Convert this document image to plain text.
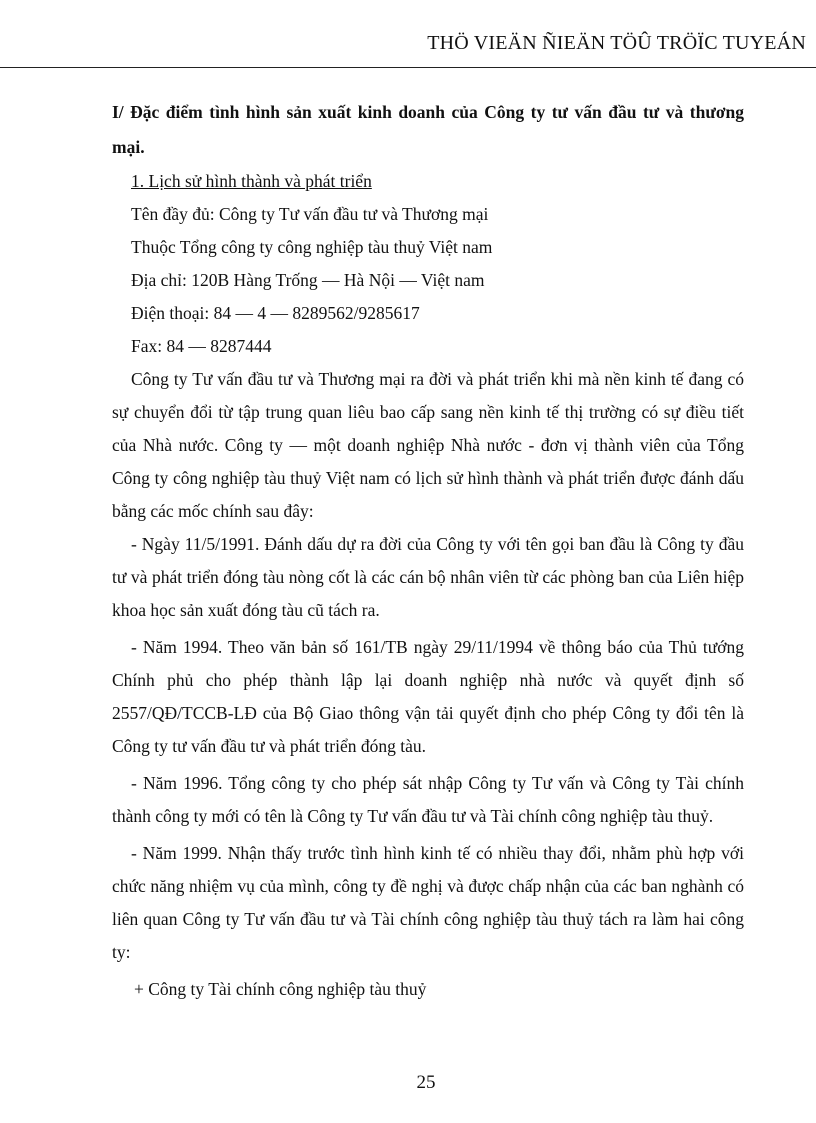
THÖ VIEÄN ÑIEÄN TÖÛ TRÖÏC TUYEÁN

I/ Đặc điểm tình hình sản xuất kinh doanh của Công ty tư vấn đầu tư và thương mại.

1. Lịch sử hình thành và phát triển

Tên đầy đủ: Công ty Tư vấn đầu tư và Thương mại

Thuộc Tổng công ty công nghiệp tàu thuỷ Việt nam

Địa chỉ: 120B Hàng Trống — Hà Nội — Việt nam

Điện thoại: 84 — 4 — 8289562/9285617

Fax: 84 — 8287444

Công ty Tư vấn đầu tư và Thương mại ra đời và phát triển khi mà nền kinh tế đang có sự chuyển đổi từ tập trung quan liêu bao cấp sang nền kinh tế thị trường có sự điều tiết của Nhà nước. Công ty — một doanh nghiệp Nhà nước - đơn vị thành viên của Tổng Công ty công nghiệp tàu thuỷ Việt nam có lịch sử hình thành và phát triển được đánh dấu bằng các mốc chính sau đây:

- Ngày 11/5/1991. Đánh dấu dự ra đời của Công ty với tên gọi ban đầu là Công ty đầu tư và phát triển đóng tàu nòng cốt là các cán bộ nhân viên từ các phòng ban của Liên hiệp khoa học sản xuất đóng tàu cũ tách ra.

- Năm 1994. Theo văn bản số 161/TB ngày 29/11/1994 về thông báo của Thủ tướng Chính phủ cho phép thành lập lại doanh nghiệp nhà nước và quyết định số 2557/QĐ/TCCB-LĐ của Bộ Giao thông vận tải quyết định cho phép Công ty đổi tên là Công ty tư vấn đầu tư và phát triển đóng tàu.

- Năm 1996. Tổng công ty cho phép sát nhập Công ty Tư vấn và Công ty Tài chính thành công ty mới có tên là Công ty Tư vấn đầu tư và Tài chính công nghiệp tàu thuỷ.

- Năm 1999. Nhận thấy trước tình hình kinh tế có nhiều thay đổi, nhằm phù hợp với chức năng nhiệm vụ của mình, công ty đề nghị và được chấp nhận của các ban nghành có liên quan Công ty Tư vấn đầu tư và Tài chính công nghiệp tàu thuỷ tách ra làm hai công ty:

+ Công ty Tài chính công nghiệp tàu thuỷ

25
